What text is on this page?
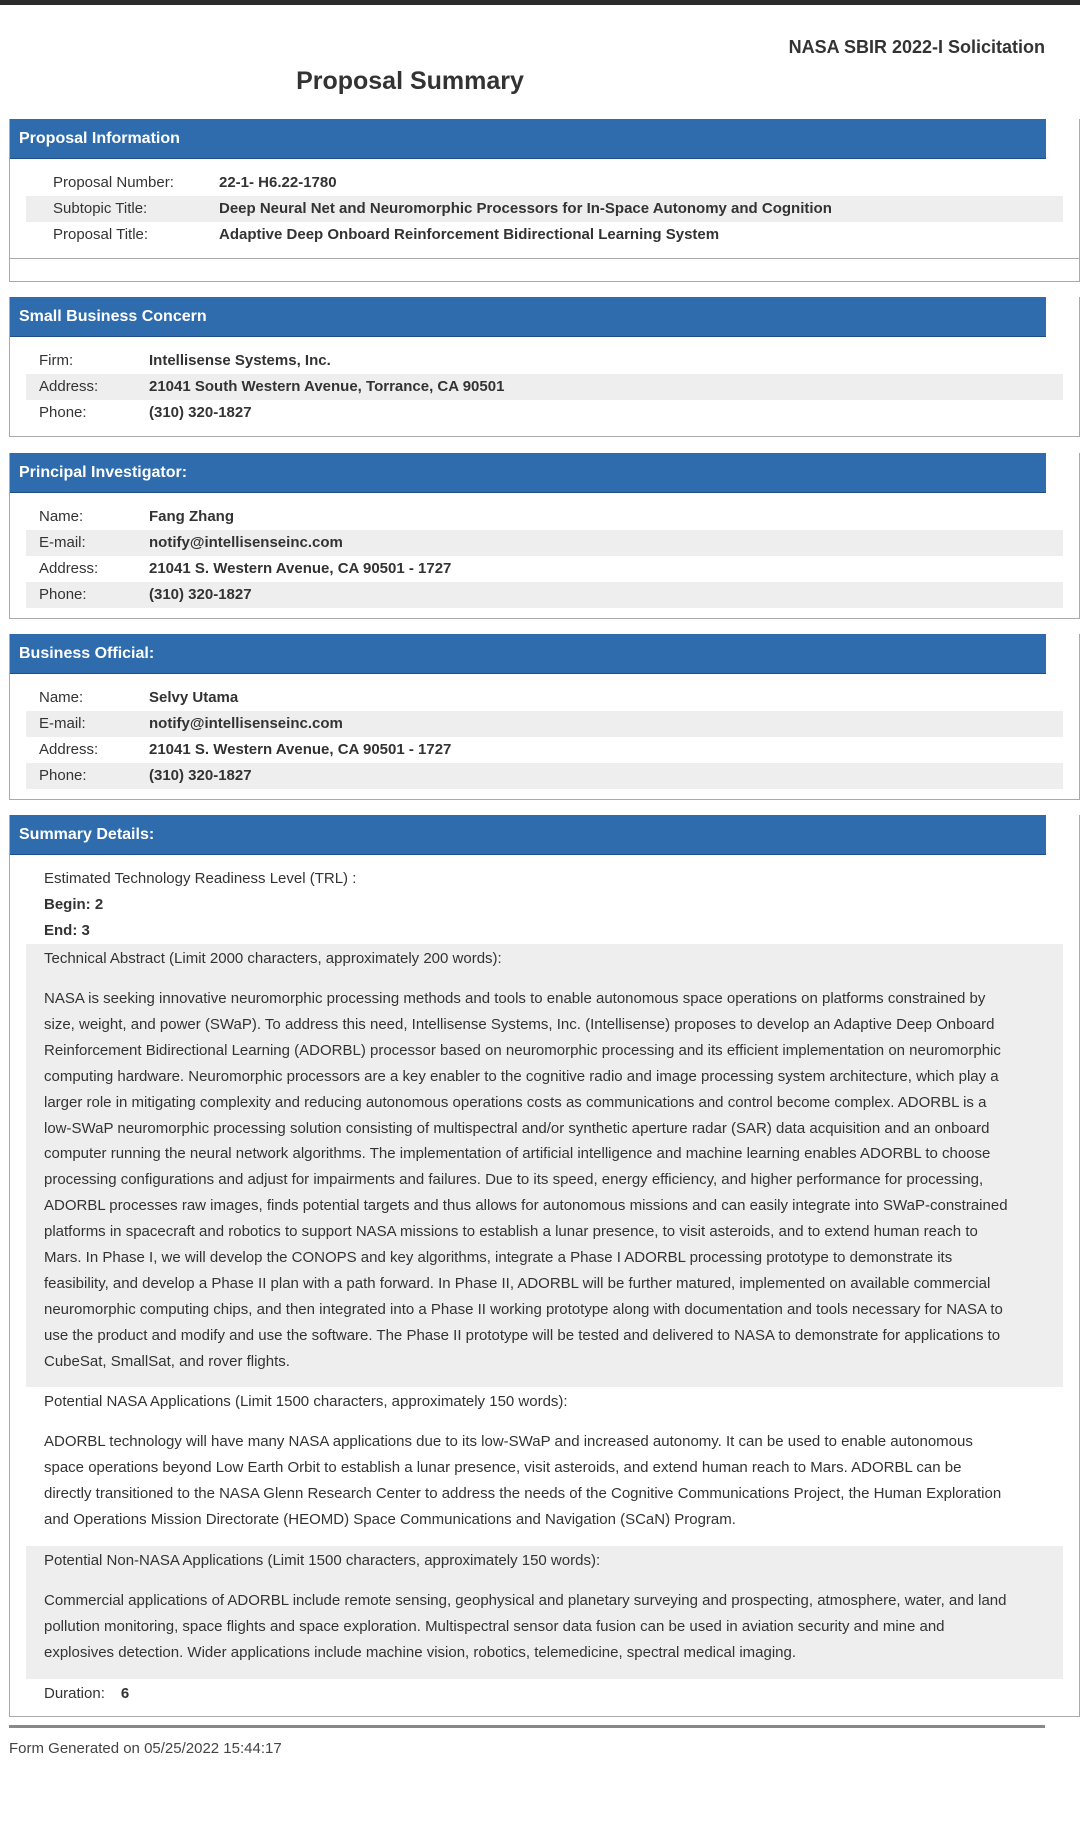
NASA SBIR 2022-I Solicitation
Proposal Summary
Proposal Information
Proposal Number:	22-1- H6.22-1780
Subtopic Title:	Deep Neural Net and Neuromorphic Processors for In-Space Autonomy and Cognition
Proposal Title:	Adaptive Deep Onboard Reinforcement Bidirectional Learning System
Small Business Concern
Firm:	Intellisense Systems, Inc.
Address:	21041 South Western Avenue, Torrance, CA 90501
Phone:	(310) 320-1827
Principal Investigator:
Name:	Fang Zhang
E-mail:	notify@intellisenseinc.com
Address:	21041 S. Western Avenue, CA 90501 - 1727
Phone:	(310) 320-1827
Business Official:
Name:	Selvy Utama
E-mail:	notify@intellisenseinc.com
Address:	21041 S. Western Avenue, CA 90501 - 1727
Phone:	(310) 320-1827
Summary Details:
Estimated Technology Readiness Level (TRL) :
Begin: 2
End: 3
Technical Abstract (Limit 2000 characters, approximately 200 words):
NASA is seeking innovative neuromorphic processing methods and tools to enable autonomous space operations on platforms constrained by size, weight, and power (SWaP). To address this need, Intellisense Systems, Inc. (Intellisense) proposes to develop an Adaptive Deep Onboard Reinforcement Bidirectional Learning (ADORBL) processor based on neuromorphic processing and its efficient implementation on neuromorphic computing hardware. Neuromorphic processors are a key enabler to the cognitive radio and image processing system architecture, which play a larger role in mitigating complexity and reducing autonomous operations costs as communications and control become complex. ADORBL is a low-SWaP neuromorphic processing solution consisting of multispectral and/or synthetic aperture radar (SAR) data acquisition and an onboard computer running the neural network algorithms. The implementation of artificial intelligence and machine learning enables ADORBL to choose processing configurations and adjust for impairments and failures. Due to its speed, energy efficiency, and higher performance for processing, ADORBL processes raw images, finds potential targets and thus allows for autonomous missions and can easily integrate into SWaP-constrained platforms in spacecraft and robotics to support NASA missions to establish a lunar presence, to visit asteroids, and to extend human reach to Mars. In Phase I, we will develop the CONOPS and key algorithms, integrate a Phase I ADORBL processing prototype to demonstrate its feasibility, and develop a Phase II plan with a path forward. In Phase II, ADORBL will be further matured, implemented on available commercial neuromorphic computing chips, and then integrated into a Phase II working prototype along with documentation and tools necessary for NASA to use the product and modify and use the software. The Phase II prototype will be tested and delivered to NASA to demonstrate for applications to CubeSat, SmallSat, and rover flights.
Potential NASA Applications (Limit 1500 characters, approximately 150 words):
ADORBL technology will have many NASA applications due to its low-SWaP and increased autonomy. It can be used to enable autonomous space operations beyond Low Earth Orbit to establish a lunar presence, visit asteroids, and extend human reach to Mars. ADORBL can be directly transitioned to the NASA Glenn Research Center to address the needs of the Cognitive Communications Project, the Human Exploration and Operations Mission Directorate (HEOMD) Space Communications and Navigation (SCaN) Program.
Potential Non-NASA Applications (Limit 1500 characters, approximately 150 words):
Commercial applications of ADORBL include remote sensing, geophysical and planetary surveying and prospecting, atmosphere, water, and land pollution monitoring, space flights and space exploration. Multispectral sensor data fusion can be used in aviation security and mine and explosives detection. Wider applications include machine vision, robotics, telemedicine, spectral medical imaging.
Duration: 6
Form Generated on 05/25/2022 15:44:17
